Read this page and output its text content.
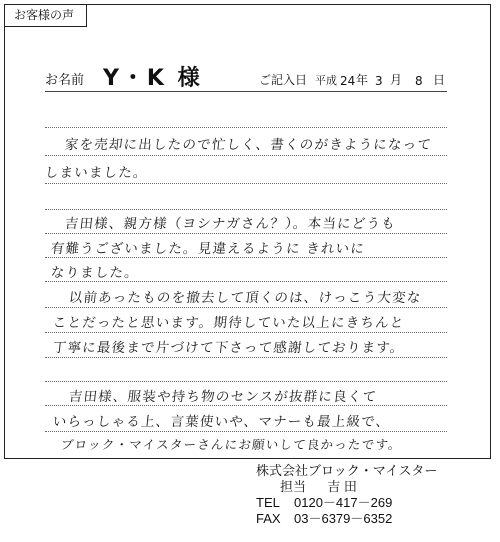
お客様の声
お名前 Y・K 様	ご記入日 平成 24 年 3 月 8 日
家を売却に出したので忙しく、書くのがきようになって
しまいました。
吉田様、親方様（ヨシナガさん？）。本当にどうも
有難うございました。見違えるように きれいに
なりました。
以前あったものを撤去して頂くのは、けっこう大変な
ことだったと思います。期待していた以上にきちんと
丁寧に最後まで片づけて下さって感謝しております。
吉田様、服装や持ち物のセンスが抜群に良くて
いらっしゃる上、言葉使いや、マナーも最上級で、
ブロック・マイスターさんにお願いして良かったです。
株式会社ブロック・マイスター
担当 吉 田
TEL 0120－417－269
FAX 03－6379－6352
